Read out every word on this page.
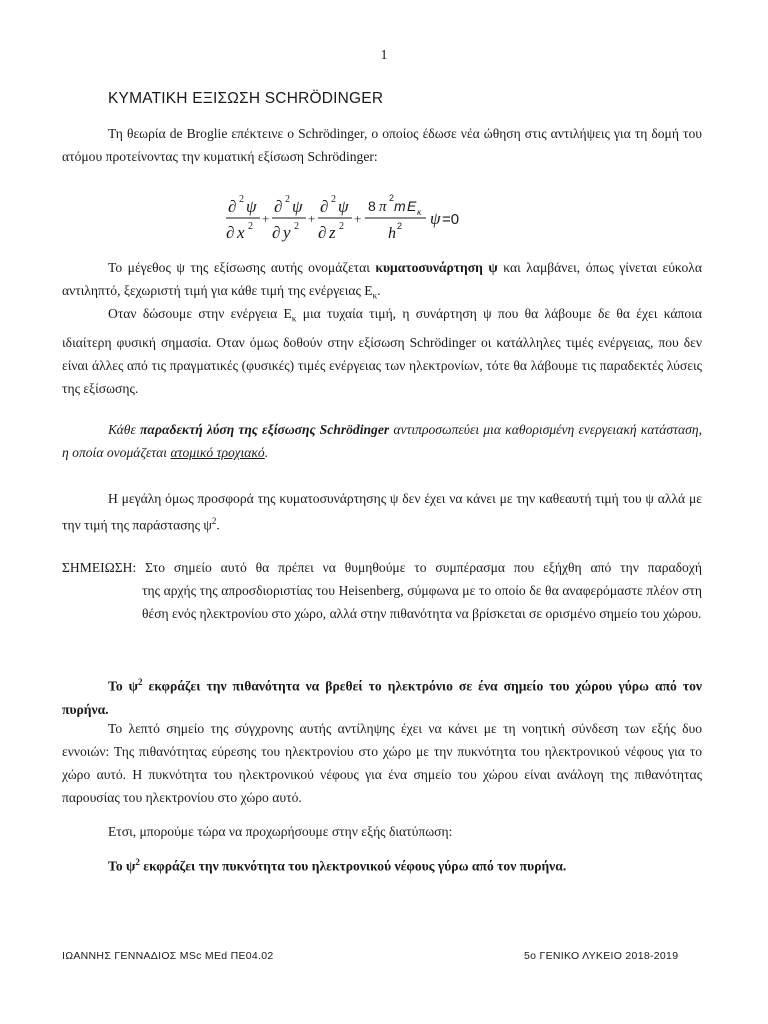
1
ΚΥΜΑΤΙΚΗ ΕΞΙΣΩΣΗ SCHRÖDINGER

Τη θεωρία de Broglie επέκτεινε ο Schrödinger, ο οποίος έδωσε νέα ώθηση στις αντιλήψεις για τη δομή του ατόμου προτείνοντας την κυματική εξίσωση Schrödinger:

∂ 2 ψ
∂ x 2
+
∂ 2 ψ
∂ y 2
+
∂ 2 ψ
∂ z 2
+
8 π
2 m E κ
h 2 ψ =0

Το μέγεθος ψ της εξίσωσης αυτής ονομάζεται κυματοσυνάρτηση ψ και λαμβάνει, όπως γίνεται εύκολα αντιληπτό, ξεχωριστή τιμή για κάθε τιμή της ενέργειας $E_\kappa$.

Οταν δώσουμε στην ενέργεια $E_\kappa$ μια τυχαία τιμή, η συνάρτηση ψ που θα λάβουμε δε θα έχει κάποια ιδιαίτερη φυσική σημασία. Οταν όμως δοθούν στην εξίσωση Schrödinger οι κατάλληλες τιμές ενέργειας, που δεν είναι άλλες από τις πραγματικές (φυσικές) τιμές ενέργειας των ηλεκτρονίων, τότε θα λάβουμε τις παραδεκτές λύσεις της εξίσωσης.

Κάθε παραδεκτή λύση της εξίσωσης Schrödinger αντιπροσωπεύει μια καθορισμένη ενεργειακή κατάσταση, η οποία ονομάζεται ατομικό τροχιακό.

Η μεγάλη όμως προσφορά της κυματοσυνάρτησης ψ δεν έχει να κάνει με την καθεαυτή τιμή του ψ αλλά με την τιμή της παράστασης $\psi^2$.

ΣΗΜΕΙΩΣΗ: Στο σημείο αυτό θα πρέπει να θυμηθούμε το συμπέρασμα που εξήχθη από την παραδοχή
της αρχής της απροσδιοριστίας του Heisenberg, σύμφωνα με το οποίο δε θα αναφερόμαστε πλέον στη θέση ενός ηλεκτρονίου στο χώρο, αλλά στην πιθανότητα να βρίσκεται σε ορισμένο σημείο του χώρου.

Το $\psi^2$ εκφράζει την πιθανότητα να βρεθεί το ηλεκτρόνιο σε ένα σημείο του χώρου γύρω από τον πυρήνα.

Το λεπτό σημείο της σύγχρονης αυτής αντίληψης έχει να κάνει με τη νοητική σύνδεση των εξής δυο εννοιών: Της πιθανότητας εύρεσης του ηλεκτρονίου στο χώρο με την πυκνότητα του ηλεκτρονικού νέφους για το χώρο αυτό. Η πυκνότητα του ηλεκτρονικού νέφους για ένα σημείο του χώρου είναι ανάλογη της πιθανότητας παρουσίας του ηλεκτρονίου στο χώρο αυτό.

Ετσι, μπορούμε τώρα να προχωρήσουμε στην εξής διατύπωση:

Το $\psi^2$ εκφράζει την πυκνότητα του ηλεκτρονικού νέφους γύρω από τον πυρήνα.

ΙΩΑΝΝΗΣ ΓΕΝΝΑΔΙΟΣ MSc MEd ΠΕ04.02	5ο ΓΕΝΙΚΟ ΛΥΚΕΙΟ 2018-2019
